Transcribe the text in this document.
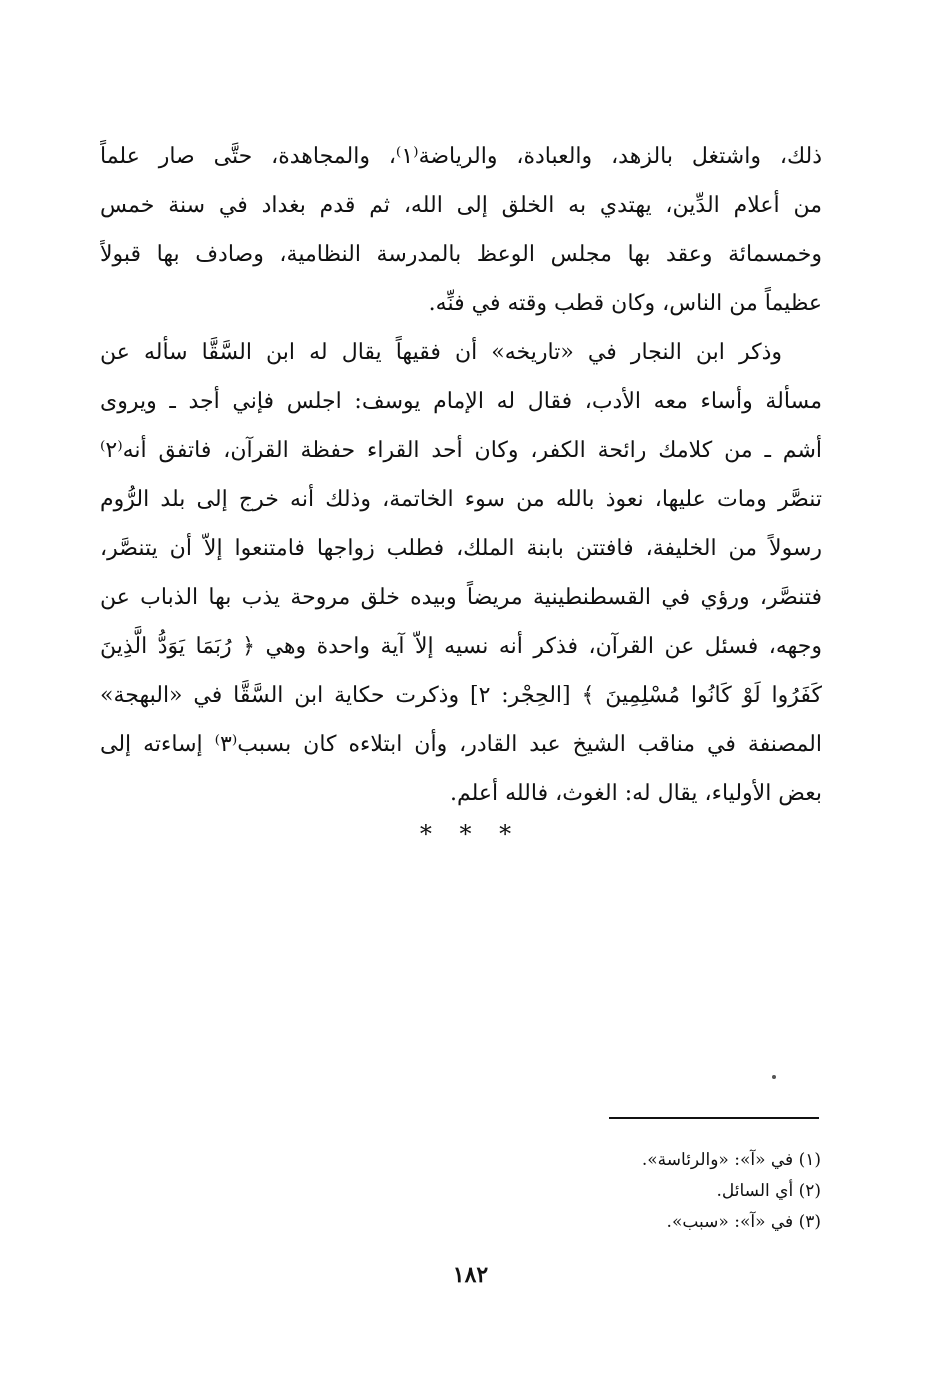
ذلك، واشتغل بالزهد، والعبادة، والرياضة⁽١⁾، والمجاهدة، حتَّى صار علماً
من أعلام الدِّين، يهتدي به الخلق إلى الله، ثم قدم بغداد في سنة خمس
وخمسمائة وعقد بها مجلس الوعظ بالمدرسة النظامية، وصادف بها قبولاً
عظيماً من الناس، وكان قطب وقته في فنِّه.
وذكر ابن النجار في «تاريخه» أن فقيهاً يقال له ابن السَّقَّا سأله عن
مسألة وأساء معه الأدب، فقال له الإمام يوسف: اجلس فإني أجد ـ ويروى
أشم ـ من كلامك رائحة الكفر، وكان أحد القراء حفظة القرآن، فاتفق أنه⁽٢⁾
تنصَّر ومات عليها، نعوذ بالله من سوء الخاتمة، وذلك أنه خرج إلى بلد الرُّوم
رسولاً من الخليفة، فافتتن بابنة الملك، فطلب زواجها فامتنعوا إلاّ أن يتنصَّر،
فتنصَّر، ورؤي في القسطنطينية مريضاً وبيده خلق مروحة يذب بها الذباب عن
وجهه، فسئل عن القرآن، فذكر أنه نسيه إلاّ آية واحدة وهي ﴿ رُبَمَا يَوَدُّ الَّذِينَ
كَفَرُوا لَوْ كَانُوا مُسْلِمِينَ ﴾ [الحِجْر: ٢] وذكرت حكاية ابن السَّقَّا في «البهجة»
المصنفة في مناقب الشيخ عبد القادر، وأن ابتلاءه كان بسبب⁽٣⁾ إساءته إلى
بعض الأولياء، يقال له: الغوث، فالله أعلم.
* * *
(١) في «آ»: «والرئاسة».
(٢) أي السائل.
(٣) في «آ»: «سبب».
١٨٢
